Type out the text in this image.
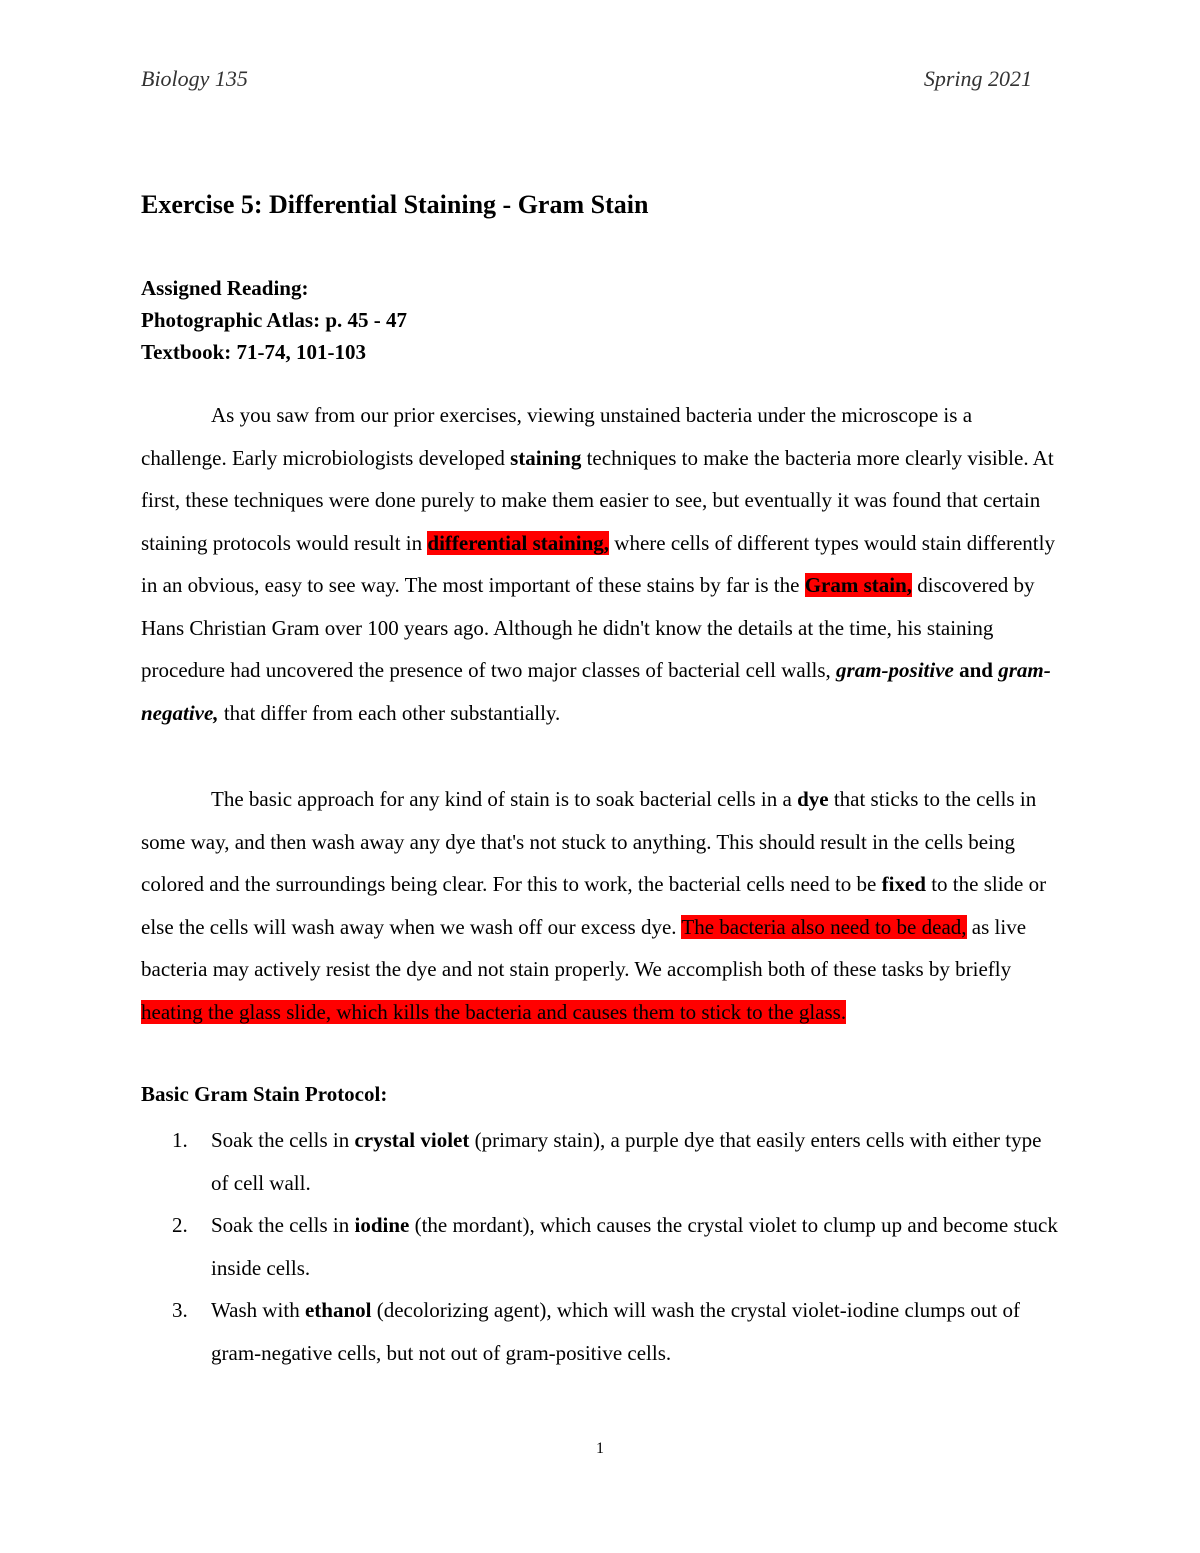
Biology 135	Spring 2021
Exercise 5: Differential Staining - Gram Stain
Assigned Reading:
Photographic Atlas: p. 45 - 47
Textbook: 71-74, 101-103

As you saw from our prior exercises, viewing unstained bacteria under the microscope is a challenge. Early microbiologists developed staining techniques to make the bacteria more clearly visible. At first, these techniques were done purely to make them easier to see, but eventually it was found that certain staining protocols would result in differential staining, where cells of different types would stain differently in an obvious, easy to see way. The most important of these stains by far is the Gram stain, discovered by Hans Christian Gram over 100 years ago. Although he didn't know the details at the time, his staining procedure had uncovered the presence of two major classes of bacterial cell walls, gram-positive and gram-negative, that differ from each other substantially.

The basic approach for any kind of stain is to soak bacterial cells in a dye that sticks to the cells in some way, and then wash away any dye that's not stuck to anything. This should result in the cells being colored and the surroundings being clear. For this to work, the bacterial cells need to be fixed to the slide or else the cells will wash away when we wash off our excess dye. The bacteria also need to be dead, as live bacteria may actively resist the dye and not stain properly. We accomplish both of these tasks by briefly heating the glass slide, which kills the bacteria and causes them to stick to the glass.

Basic Gram Stain Protocol:
1. Soak the cells in crystal violet (primary stain), a purple dye that easily enters cells with either type of cell wall.
2. Soak the cells in iodine (the mordant), which causes the crystal violet to clump up and become stuck inside cells.
3. Wash with ethanol (decolorizing agent), which will wash the crystal violet-iodine clumps out of gram-negative cells, but not out of gram-positive cells.
1
